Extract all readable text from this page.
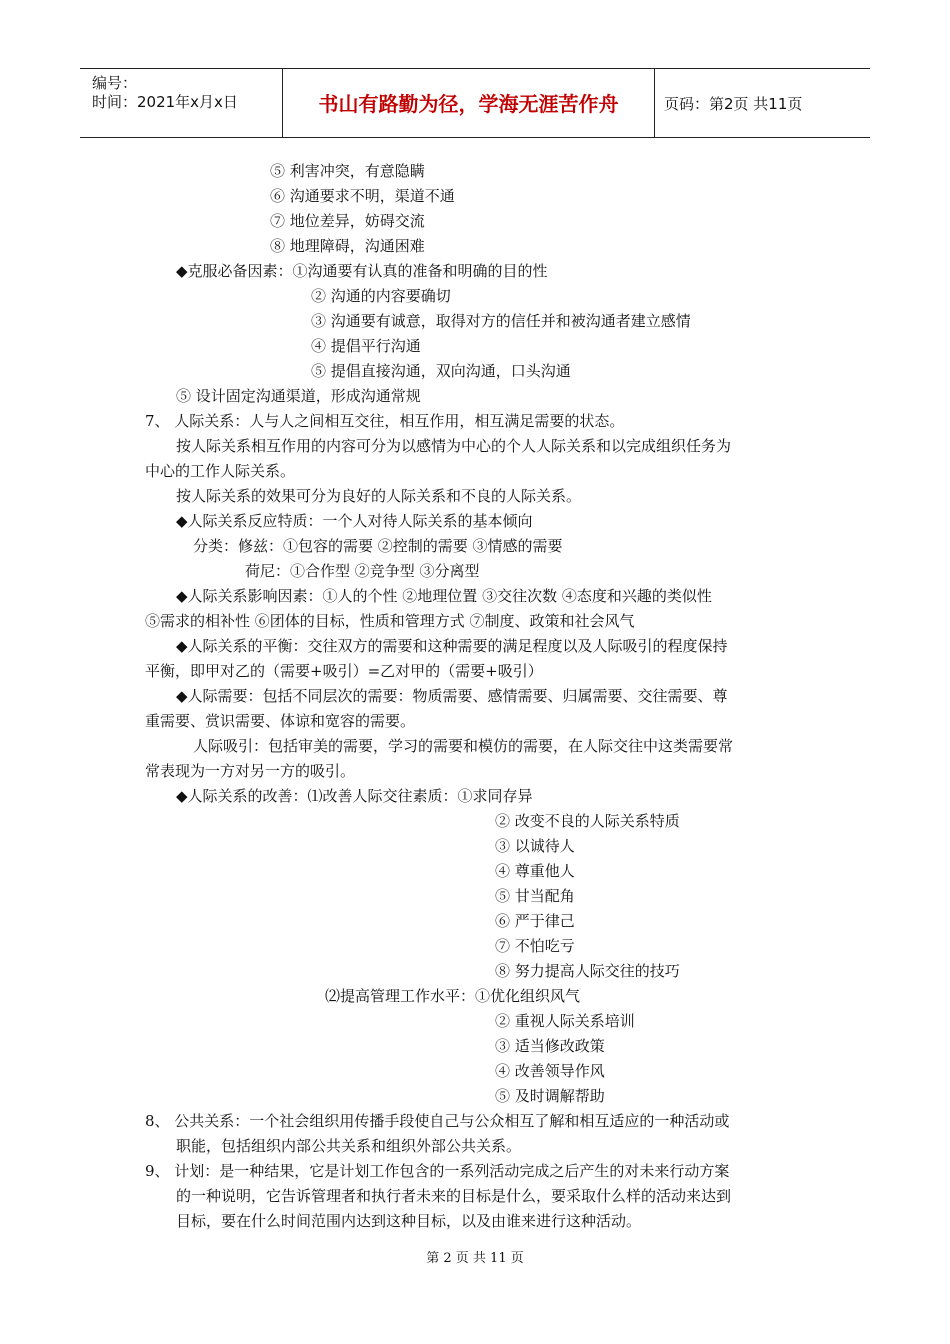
编号：
时间：2021年x月x日	书山有路勤为径，学海无涯苦作舟	页码：第2页 共11页
⑤ 利害冲突，有意隐瞒
⑥ 沟通要求不明，渠道不通
⑦ 地位差异，妨碍交流
⑧ 地理障碍，沟通困难
◆克服必备因素：①沟通要有认真的准备和明确的目的性
② 沟通的内容要确切
③ 沟通要有诚意，取得对方的信任并和被沟通者建立感情
④ 提倡平行沟通
⑤ 提倡直接沟通，双向沟通，口头沟通
⑤ 设计固定沟通渠道，形成沟通常规
7、 人际关系：人与人之间相互交往，相互作用，相互满足需要的状态。
按人际关系相互作用的内容可分为以感情为中心的个人人际关系和以完成组织任务为
中心的工作人际关系。
按人际关系的效果可分为良好的人际关系和不良的人际关系。
◆人际关系反应特质：一个人对待人际关系的基本倾向
分类：修兹：①包容的需要 ②控制的需要 ③情感的需要
荷尼：①合作型 ②竞争型 ③分离型
◆人际关系影响因素：①人的个性 ②地理位置 ③交往次数 ④态度和兴趣的类似性
⑤需求的相补性 ⑥团体的目标，性质和管理方式 ⑦制度、政策和社会风气
◆人际关系的平衡：交往双方的需要和这种需要的满足程度以及人际吸引的程度保持
平衡，即甲对乙的（需要+吸引）=乙对甲的（需要+吸引）
◆人际需要：包括不同层次的需要：物质需要、感情需要、归属需要、交往需要、尊
重需要、赏识需要、体谅和宽容的需要。
人际吸引：包括审美的需要，学习的需要和模仿的需要，在人际交往中这类需要常
常表现为一方对另一方的吸引。
◆人际关系的改善：⑴改善人际交往素质：①求同存异
② 改变不良的人际关系特质
③ 以诚待人
④ 尊重他人
⑤ 甘当配角
⑥ 严于律己
⑦ 不怕吃亏
⑧ 努力提高人际交往的技巧
⑵提高管理工作水平：①优化组织风气
② 重视人际关系培训
③ 适当修改政策
④ 改善领导作风
⑤ 及时调解帮助
8、 公共关系：一个社会组织用传播手段使自己与公众相互了解和相互适应的一种活动或
职能，包括组织内部公共关系和组织外部公共关系。
9、 计划：是一种结果，它是计划工作包含的一系列活动完成之后产生的对未来行动方案
的一种说明，它告诉管理者和执行者未来的目标是什么，要采取什么样的活动来达到
目标，要在什么时间范围内达到这种目标，以及由谁来进行这种活动。
第 2 页 共 11 页
